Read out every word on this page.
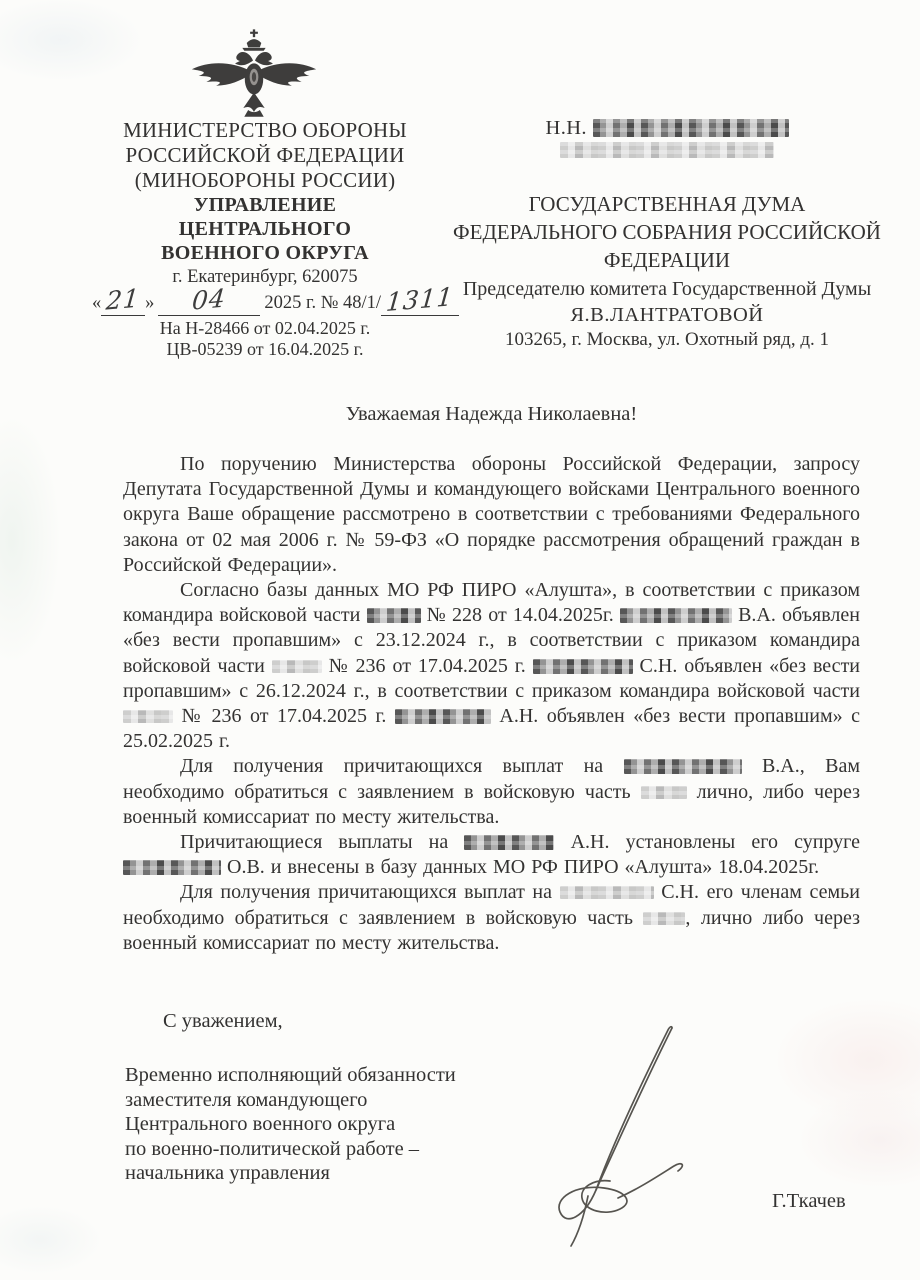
МИНИСТЕРСТВО ОБОРОНЫ
РОССИЙСКОЙ ФЕДЕРАЦИИ
(МИНОБОРОНЫ РОССИИ)
УПРАВЛЕНИЕ
ЦЕНТРАЛЬНОГО
ВОЕННОГО ОКРУГА
г. Екатеринбург, 620075
« 21 » 04 2025 г. № 48/1/ 1311
На Н-28466 от 02.04.2025 г.
ЦВ-05239 от 16.04.2025 г.
Н.Н.
ГОСУДАРСТВЕННАЯ ДУМА
ФЕДЕРАЛЬНОГО СОБРАНИЯ РОССИЙСКОЙ
ФЕДЕРАЦИИ
Председателю комитета Государственной Думы
Я.В.ЛАНТРАТОВОЙ
103265, г. Москва, ул. Охотный ряд, д. 1
Уважаемая Надежда Николаевна!

По поручению Министерства обороны Российской Федерации, запросу Депутата Государственной Думы и командующего войсками Центрального военного округа Ваше обращение рассмотрено в соответствии с требованиями Федерального закона от 02 мая 2006 г. № 59-ФЗ «О порядке рассмотрения обращений граждан в Российской Федерации».

Согласно базы данных МО РФ ПИРО «Алушта», в соответствии с приказом командира войсковой части	№ 228 от 14.04.2025г.	В.А. объявлен «без вести пропавшим» с 23.12.2024 г., в соответствии с приказом командира войсковой части	№ 236 от 17.04.2025 г.	С.Н. объявлен «без вести пропавшим» с 26.12.2024 г., в соответствии с приказом командира войсковой части  № 236 от 17.04.2025 г.	А.Н. объявлен «без вести пропавшим» с 25.02.2025 г.

Для получения причитающихся выплат на	В.А., Вам необходимо обратиться с заявлением в войсковую часть  лично, либо через военный комиссариат по месту жительства.

Причитающиеся выплаты на	А.Н. установлены его супруге  О.В. и внесены в базу данных МО РФ ПИРО «Алушта» 18.04.2025г.

Для получения причитающихся выплат на	С.Н. его членам семьи необходимо обратиться с заявлением в войсковую часть , лично либо через военный комиссариат по месту жительства.

С уважением,
Временно исполняющий обязанности
заместителя командующего
Центрального военного округа
по военно-политической работе –
начальника управления
Г.Ткачев
